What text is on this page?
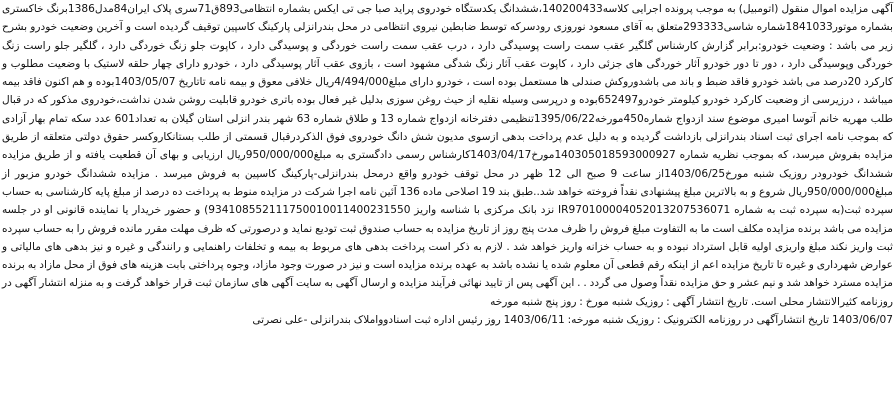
آگهی مزایده اموال منقول (اتومبیل) به موجب پرونده اجرایی کلاسه140200433،ششدانگ یکدستگاه خودروی پراید صبا جی تی ایکس بشماره انتظامی893ق71سری پلاک ایران84مدل1386برنگ خاکستری بشماره موتور1841033شماره شاسی293333متعلق به آقای مسعود نوروزی رودسرکه توسط ضابطین نیروی انتظامی در محل بندرانزلی پارکینگ کاسپین توقیف گردیده است و آخرین وضعیت خودرو بشرح زیر می باشد : وضعیت خودرو:برابر گزارش کارشناس گلگیر عقب سمت راست پوسیدگی دارد ، درب عقب سمت راست خوردگی و پوسیدگی دارد ، کاپوت جلو زنگ خوردگی دارد ، گلگیر جلو راست زنگ خوردگی وپوسیدگی دارد ، دور تا دور خودرو آثار خوردگی های جزئی دارد ، کاپوت عقب آثار زنگ شدگی مشهود است ، بازوی عقب آثار پوسیدگی دارد ، خودرو دارای چهار حلقه لاستیک با وضعیت مطلوب و کارکرد 20درصد می باشد خودرو فاقد ضبط و باند می باشدوروکش صندلی ها مستعمل بوده است ، خودرو دارای مبلغ4/494/000ریال خلافی معوق و بیمه نامه تاتاریخ 1403/05/07بوده و هم اکنون فاقد بیمه میباشد ، درزیرسی از وضعیت کارکرد خودرو کیلومتر خودرو652497بوده و درپرسی وسیله نقلیه از حیث روغن سوزی بدلیل غیر فعال بوده باتری خودرو قابلیت روشن شدن نداشت،خودروی مذکور که در قبال طلب مهریه خانم آتوسا امیری موضوع سند ازدواج شماره450مورخه1395/06/22تنظیمی دفترخانه ازدواج شماره 13 و طلاق شماره 63 شهر بندر انزلی استان گیلان به تعداد601 عدد سکه تمام بهار آزادی که بموجب نامه اجرای ثبت اسناد بندرانزلی بازداشت گردیده و به دلیل عدم پرداخت بدهی ازسوی مدیون شش دانگ خودروی فوق الذکردرقبال قسمتی از طلب بستانکاروکسر حقوق دولتی متعلقه از طریق مزایده بفروش میرسد، که بموجب نظریه شماره 140305018593000927مورخ1403/04/17کارشناس رسمی دادگستری به مبلغ950/000/000ریال ارزیابی و بهای آن قطعیت یافته و از طریق مزایده ششدانگ خودرودر روزیک شنبه مورخ1403/06/25از ساعت 9 صبح الی 12 ظهر در محل توقف خودرو واقع درمحل بندرانزلی-پارکینگ کاسپین به فروش میرسد . مزایده ششدانگ خودرو مزبور از مبلغ950/000/000ریال شروع و به بالاترین مبلغ پیشنهادی نقداً فروخته خواهد شد..طبق بند 19 اصلاحی ماده 136 آئین نامه اجرا شرکت در مزایده منوط به پرداخت ده درصد از مبلغ پایه کارشناسی به حساب سپرده ثبت(به سپرده ثبت به شماره IR970100004052013207536071 نزد بانک مرکزی با شناسه واریز 934108552111750010011400231550) و حضور خریدار یا نماینده قانونی او در جلسه مزایده می باشد برنده مزایده مکلف است ما به التفاوت مبلغ فروش را ظرف مدت پنج روز از تاریخ مزایده به حساب صندوق ثبت تودیع نماید و درصورتی که ظرف مهلت مقرر مانده فروش را به حساب سپرده ثبت واریز نکند مبلغ واریزی اولیه قابل استرداد نبوده و به حساب خزانه واریز خواهد شد . لازم به ذکر است پرداخت بدهی های مربوط به بیمه و تخلفات راهنمایی و رانندگی و غیره و نیز بدهی های مالیاتی و عوارض شهرداری و غیره تا تاریخ مزایده اعم از اینکه رقم قطعی آن معلوم شده یا نشده باشد به عهده برنده مزایده است و نیز در صورت وجود مازاد، وجوه پرداختی بابت هزینه های فوق از محل مازاد به برنده مزایده مسترد خواهد شد و نیم عشر و حق مزایده نقداً وصول می گردد . . این آگهی پس از تایید نهائی فرآیند مزایده و ارسال آگهی به سایت آگهی های سازمان ثبت قرار خواهد گرفت و به منزله انتشار آگهی در روزنامه کثیرالانتشار محلی است. تاریخ انتشار آگهی : روزیک شنبه مورخ : روز پنج شنبه مورخه

1403/06/07 تاریخ انتشارآگهی در روزنامه الکترونیک : روزیک شنبه مورخه: 1403/06/11 روز رئیس اداره ثبت اسنادوواملاک بندرانزلی -علی نصرتی
